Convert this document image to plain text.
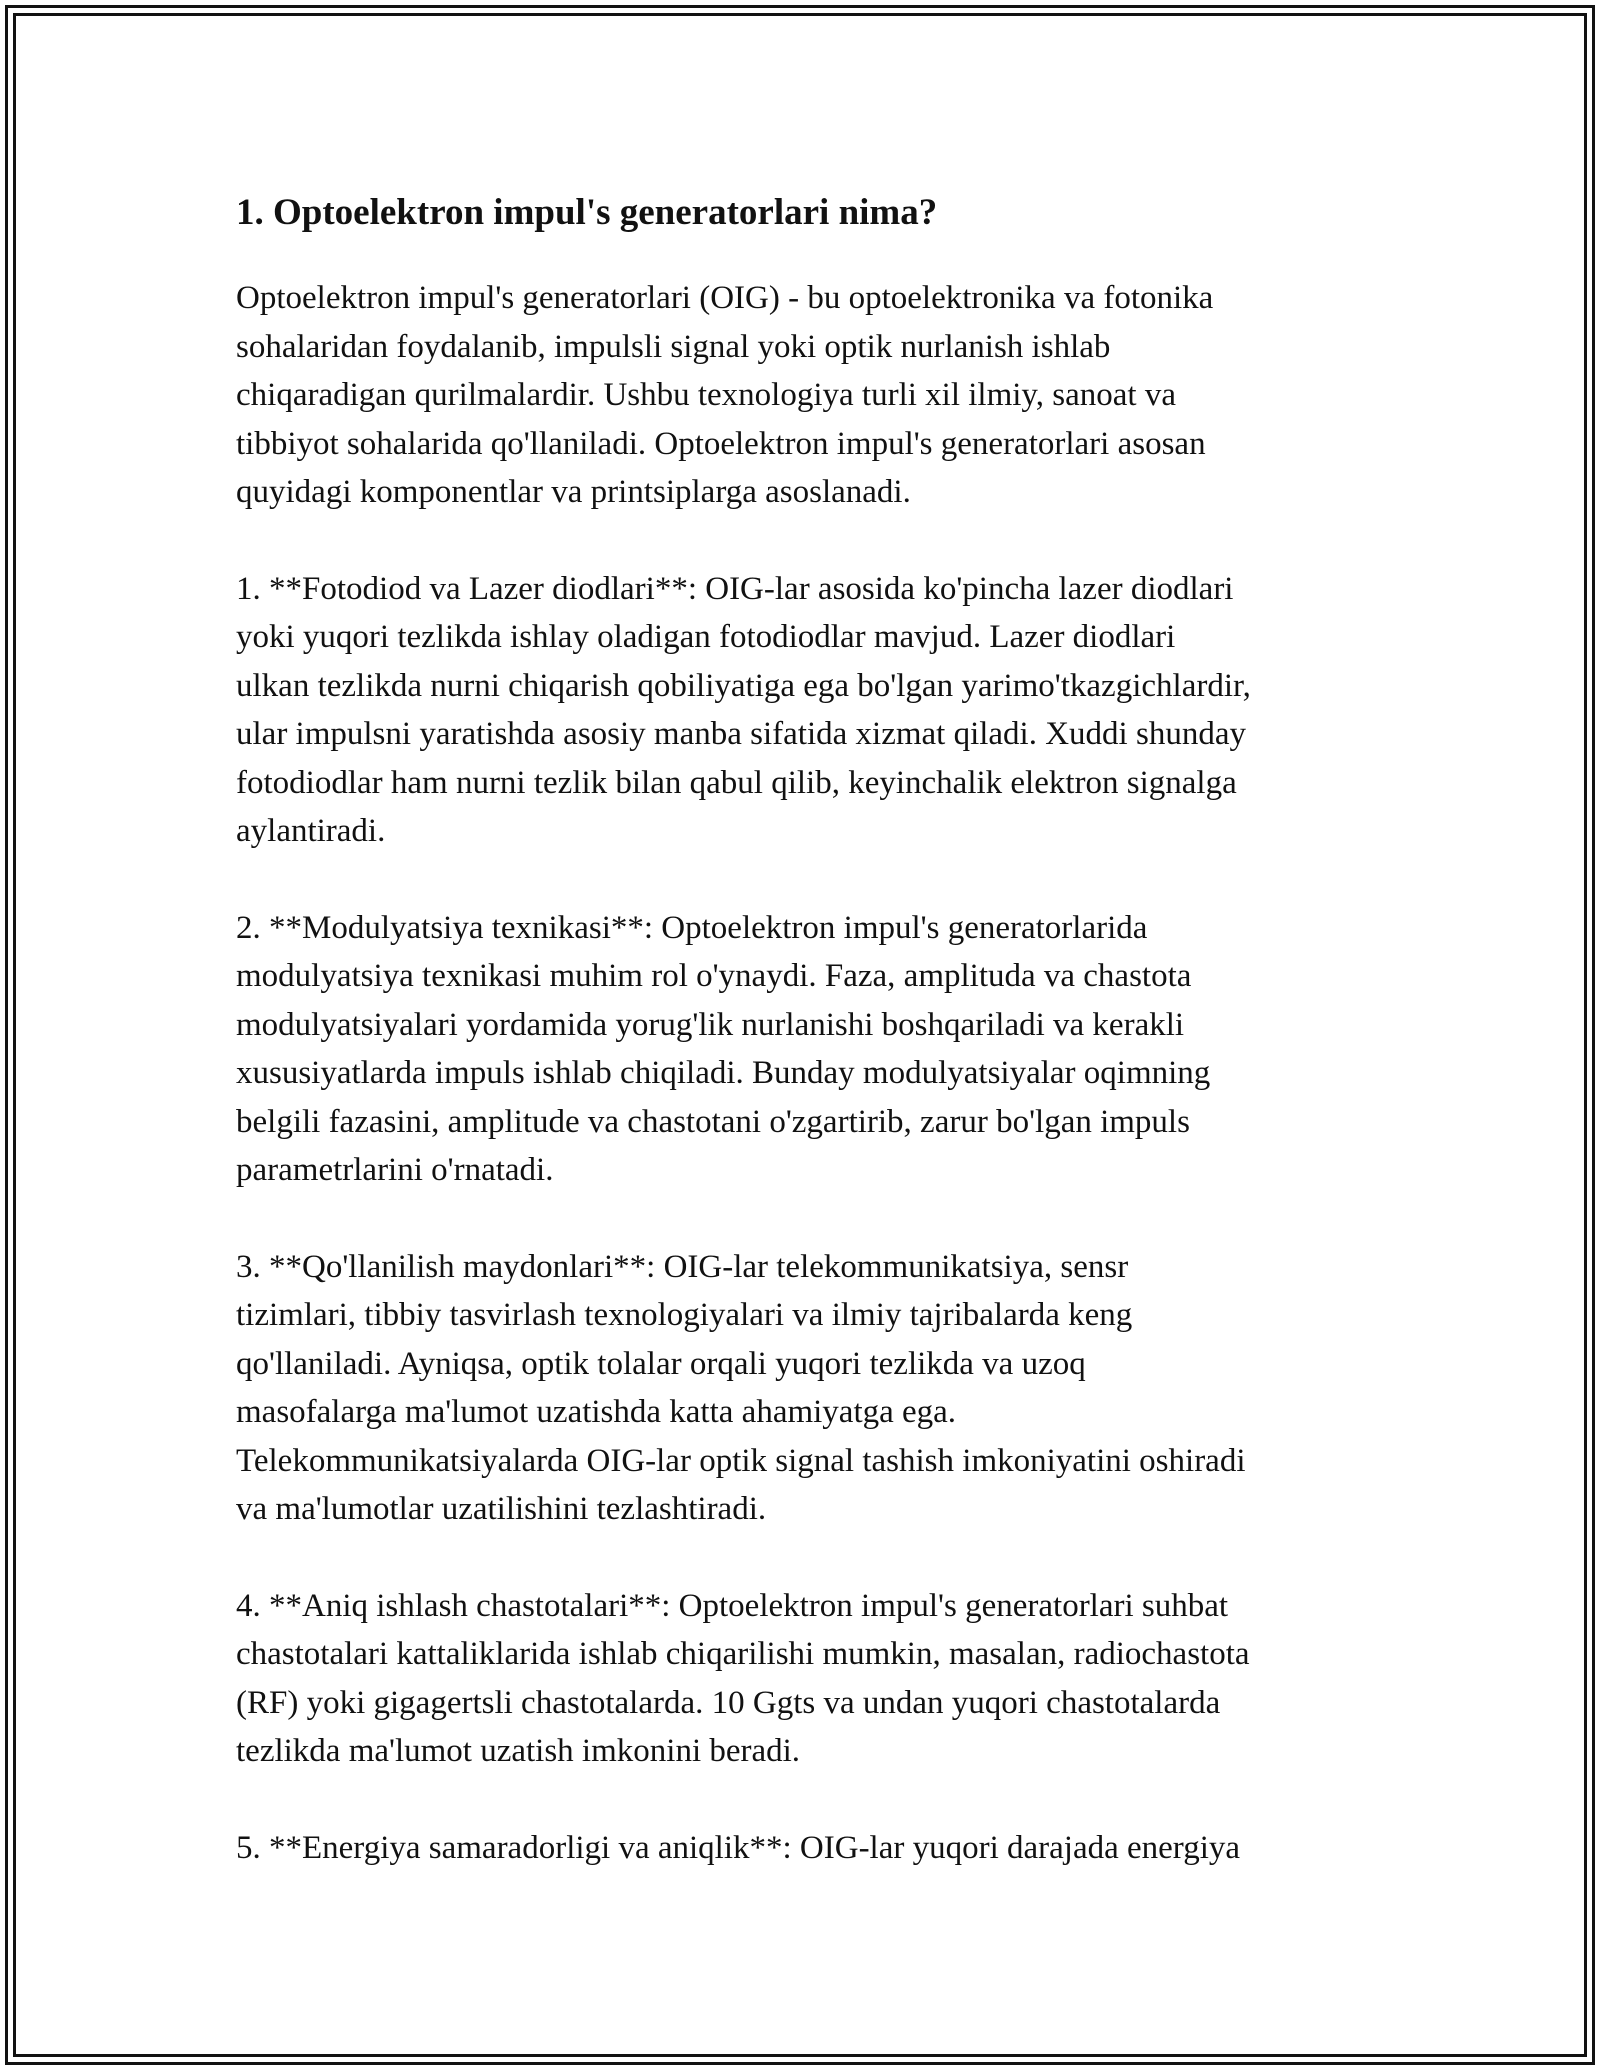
1. Optoelektron impul's generatorlari nima?

Optoelektron impul's generatorlari (OIG) - bu optoelektronika va fotonika
sohalaridan foydalanib, impulsli signal yoki optik nurlanish ishlab
chiqaradigan qurilmalardir. Ushbu texnologiya turli xil ilmiy, sanoat va
tibbiyot sohalarida qo'llaniladi. Optoelektron impul's generatorlari asosan
quyidagi komponentlar va printsiplarga asoslanadi.

1. **Fotodiod va Lazer diodlari**: OIG-lar asosida ko'pincha lazer diodlari
yoki yuqori tezlikda ishlay oladigan fotodiodlar mavjud. Lazer diodlari
ulkan tezlikda nurni chiqarish qobiliyatiga ega bo'lgan yarimo'tkazgichlardir,
ular impulsni yaratishda asosiy manba sifatida xizmat qiladi. Xuddi shunday
fotodiodlar ham nurni tezlik bilan qabul qilib, keyinchalik elektron signalga
aylantiradi.

2. **Modulyatsiya texnikasi**: Optoelektron impul's generatorlarida
modulyatsiya texnikasi muhim rol o'ynaydi. Faza, amplituda va chastota
modulyatsiyalari yordamida yorug'lik nurlanishi boshqariladi va kerakli
xususiyatlarda impuls ishlab chiqiladi. Bunday modulyatsiyalar oqimning
belgili fazasini, amplitude va chastotani o'zgartirib, zarur bo'lgan impuls
parametrlarini o'rnatadi.

3. **Qo'llanilish maydonlari**: OIG-lar telekommunikatsiya, sensr
tizimlari, tibbiy tasvirlash texnologiyalari va ilmiy tajribalarda keng
qo'llaniladi. Ayniqsa, optik tolalar orqali yuqori tezlikda va uzoq
masofalarga ma'lumot uzatishda katta ahamiyatga ega.
Telekommunikatsiyalarda OIG-lar optik signal tashish imkoniyatini oshiradi
va ma'lumotlar uzatilishini tezlashtiradi.

4. **Aniq ishlash chastotalari**: Optoelektron impul's generatorlari suhbat
chastotalari kattaliklarida ishlab chiqarilishi mumkin, masalan, radiochastota
(RF) yoki gigagertsli chastotalarda. 10 Ggts va undan yuqori chastotalarda
tezlikda ma'lumot uzatish imkonini beradi.

5. **Energiya samaradorligi va aniqlik**: OIG-lar yuqori darajada energiya
